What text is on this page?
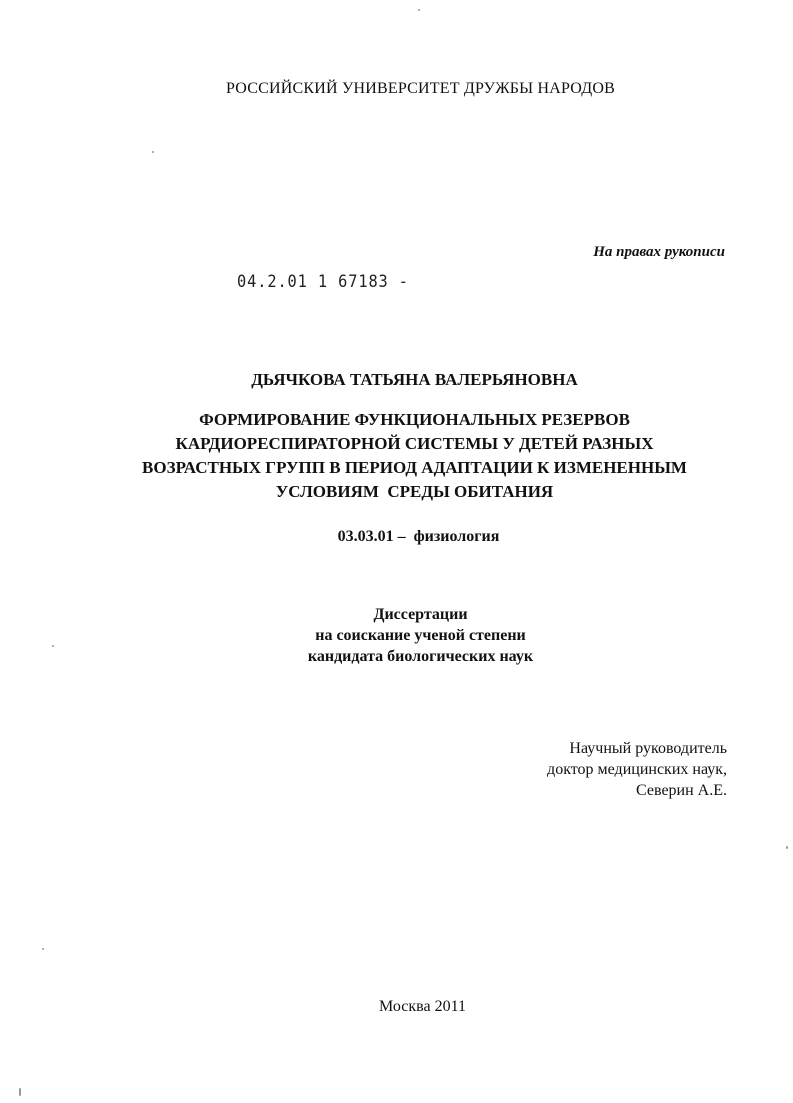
РОССИЙСКИЙ УНИВЕРСИТЕТ ДРУЖБЫ НАРОДОВ
На правах рукописи
04.2.01 1 67183 -
ДЬЯЧКОВА ТАТЬЯНА ВАЛЕРЬЯНОВНА
ФОРМИРОВАНИЕ ФУНКЦИОНАЛЬНЫХ РЕЗЕРВОВ
КАРДИОРЕСПИРАТОРНОЙ СИСТЕМЫ У ДЕТЕЙ РАЗНЫХ
ВОЗРАСТНЫХ ГРУПП В ПЕРИОД АДАПТАЦИИ К ИЗМЕНЕННЫМ
УСЛОВИЯМ  СРЕДЫ ОБИТАНИЯ
03.03.01 –  физиология
Диссертации
на соискание ученой степени
кандидата биологических наук
Научный руководитель
доктор медицинских наук,
Северин А.Е.
Москва 2011
